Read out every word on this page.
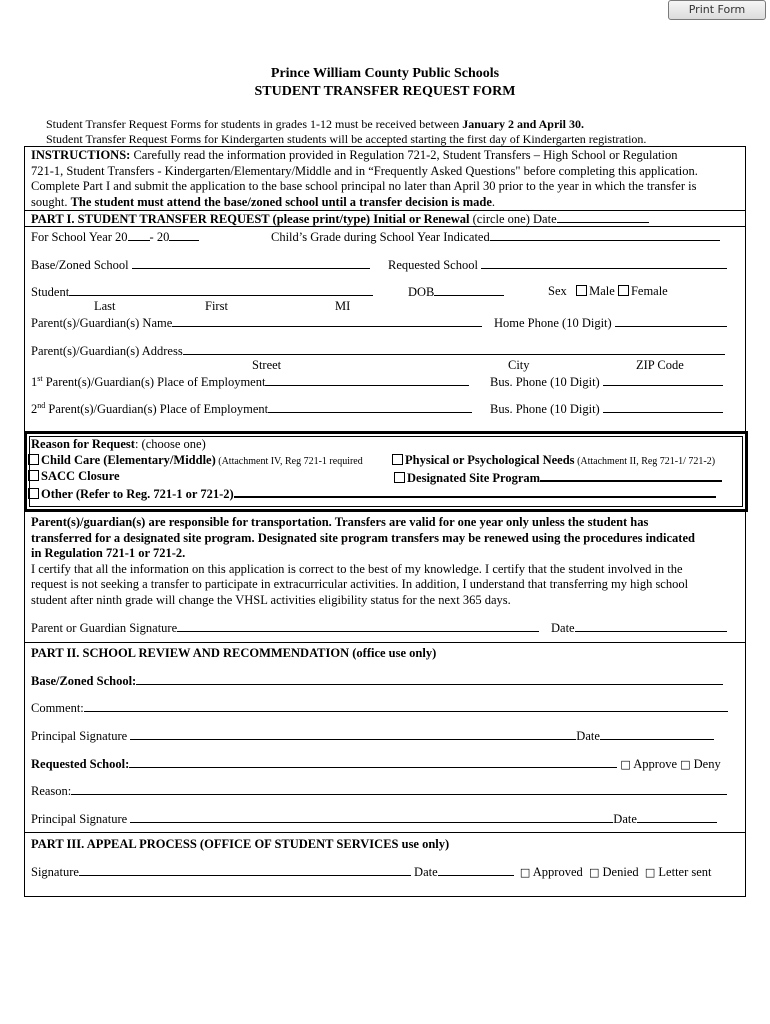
Print Form
Prince William County Public Schools
STUDENT TRANSFER REQUEST FORM
Student Transfer Request Forms for students in grades 1-12 must be received between January 2 and April 30.
Student Transfer Request Forms for Kindergarten students will be accepted starting the first day of Kindergarten registration.
INSTRUCTIONS: Carefully read the information provided in Regulation 721-2, Student Transfers – High School or Regulation
721-1, Student Transfers - Kindergarten/Elementary/Middle and in “Frequently Asked Questions" before completing this application.
Complete Part I and submit the application to the base school principal no later than April 30 prior to the year in which the transfer is
sought. The student must attend the base/zoned school until a transfer decision is made.
PART I. STUDENT TRANSFER REQUEST (please print/type) Initial or Renewal (circle one) Date
For School Year 20 - 20	Child’s Grade during School Year Indicated
Base/Zoned School	Requested School
Student	DOB	Sex Male Female
Last	First	MI
Parent(s)/Guardian(s) Name	Home Phone (10 Digit)
Parent(s)/Guardian(s) Address
Street	City	ZIP Code
1st Parent(s)/Guardian(s) Place of Employment	Bus. Phone (10 Digit)
2nd Parent(s)/Guardian(s) Place of Employment	Bus. Phone (10 Digit)
Reason for Request: (choose one)
Child Care (Elementary/Middle) (Attachment IV, Reg 721-1 required	Physical or Psychological Needs (Attachment II, Reg 721-1/ 721-2)
SACC Closure	Designated Site Program
Other (Refer to Reg. 721-1 or 721-2)
Parent(s)/guardian(s) are responsible for transportation. Transfers are valid for one year only unless the student has
transferred for a designated site program. Designated site program transfers may be renewed using the procedures indicated
in Regulation 721-1 or 721-2.
I certify that all the information on this application is correct to the best of my knowledge. I certify that the student involved in the
request is not seeking a transfer to participate in extracurricular activities. In addition, I understand that transferring my high school
student after ninth grade will change the VHSL activities eligibility status for the next 365 days.
Parent or Guardian Signature	Date
PART II. SCHOOL REVIEW AND RECOMMENDATION (office use only)
Base/Zoned School:
Comment:
Principal Signature	Date
Requested School:	□ Approve □ Deny
Reason:
Principal Signature	Date
PART III. APPEAL PROCESS (OFFICE OF STUDENT SERVICES use only)
Signature	Date	□ Approved □ Denied □ Letter sent
